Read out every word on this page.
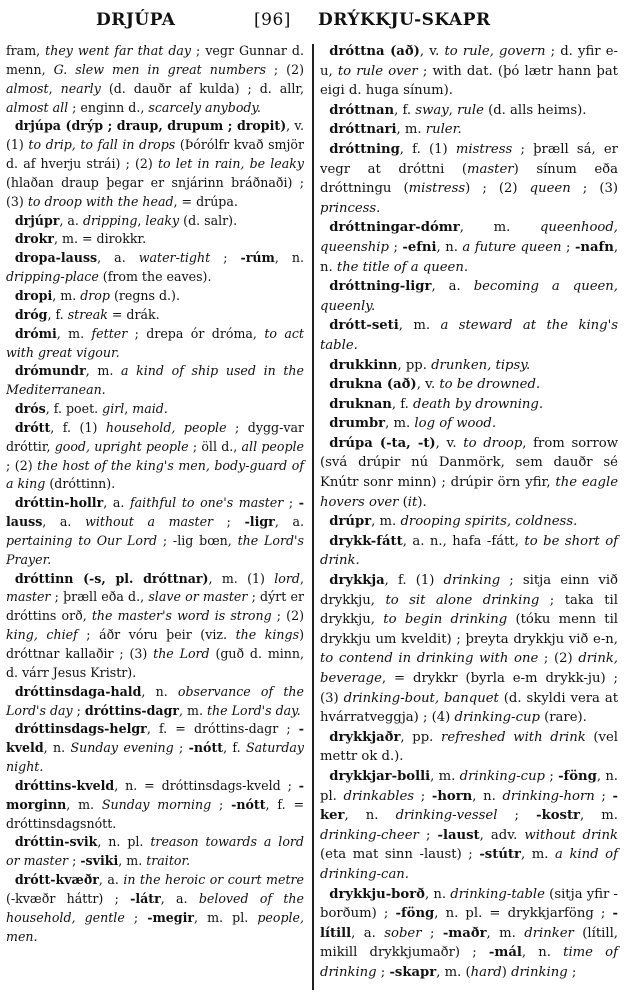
DRJÚPA	[96] DRÝKKJU-SKAPR

fram, they went far that day ; vegr Gunnar d. menn, G. slew men in great numbers ; (2) almost, nearly (d. dauðr af kulda) ; d. allr, almost all ; enginn d., scarcely anybody.

drjúpa (drýp ; draup, drupum ; dropit), v. (1) to drip, to fall in drops (Þórólfr kvað smjör d. af hverju strái) ; (2) to let in rain, be leaky (hlaðan draup þegar er snjárinn bráðnaði) ; (3) to droop with the head, = drúpa.

drjúpr, a. dripping, leaky (d. salr).

drokr, m. = dirokkr.

dropa-lauss, a. water-tight ; -rúm, n. dripping-place (from the eaves).

dropi, m. drop (regns d.).

dróg, f. streak = drák.

drómi, m. fetter ; drepa ór dróma, to act with great vigour.

drómundr, m. a kind of ship used in the Mediterranean.

drós, f. poet. girl, maid.

drótt, f. (1) household, people ; dygg-var dróttir, good, upright people ; öll d., all people ; (2) the host of the king's men, body-guard of a king (dróttinn).

dróttin-hollr, a. faithful to one's master ; -lauss, a. without a master ; -ligr, a. pertaining to Our Lord ; -lig bœn, the Lord's Prayer.

dróttinn (-s, pl. dróttnar), m. (1) lord, master ; þræll eða d., slave or master ; dýrt er dróttins orð, the master's word is strong ; (2) king, chief ; áðr vóru þeir (viz. the kings) dróttnar kallaðir ; (3) the Lord (guð d. minn, d. várr Jesus Kristr).

dróttinsdaga-hald, n. observance of the Lord's day ; dróttins-dagr, m. the Lord's day.

dróttinsdags-helgr, f. = dróttins-dagr ; -kveld, n. Sunday evening ; -nótt, f. Saturday night.

dróttins-kveld, n. = dróttinsdags-kveld ; -morginn, m. Sunday morning ; -nótt, f. = dróttinsdagsnótt.

dróttin-svik, n. pl. treason towards a lord or master ; -sviki, m. traitor.

drótt-kvæðr, a. in the heroic or court metre (-kvæðr háttr) ; -látr, a. beloved of the household, gentle ; -megir, m. pl. people, men.

dróttna (að), v. to rule, govern ; d. yfir e-u, to rule over ; with dat. (þó lætr hann þat eigi d. huga sínum).

dróttnan, f. sway, rule (d. alls heims).

dróttnari, m. ruler.

dróttning, f. (1) mistress ; þræll sá, er vegr at dróttni (master) sínum eða dróttningu (mistress) ; (2) queen ; (3) princess.

dróttningar-dómr, m. queenhood, queenship ; -efni, n. a future queen ; -nafn, n. the title of a queen.

dróttning-ligr, a. becoming a queen, queenly.

drótt-seti, m. a steward at the king's table.

drukkinn, pp. drunken, tipsy.

drukna (að), v. to be drowned.

druknan, f. death by drowning.

drumbr, m. log of wood.

drúpa (-ta, -t), v. to droop, from sorrow (svá drúpir nú Danmörk, sem dauðr sé Knútr sonr minn) ; drúpir örn yfir, the eagle hovers over (it).

drúpr, m. drooping spirits, coldness.

drykk-fátt, a. n., hafa -fátt, to be short of drink.

drykkja, f. (1) drinking ; sitja einn við drykkju, to sit alone drinking ; taka til drykkju, to begin drinking (tóku menn til drykkju um kveldit) ; þreyta drykkju við e-n, to contend in drinking with one ; (2) drink, beverage, = drykkr (byrla e-m drykk-ju) ; (3) drinking-bout, banquet (d. skyldi vera at hvárratveggja) ; (4) drinking-cup (rare).

drykkjaðr, pp. refreshed with drink (vel mettr ok d.).

drykkjar-bolli, m. drinking-cup ; -föng, n. pl. drinkables ; -horn, n. drinking-horn ; -ker, n. drinking-vessel ; -kostr, m. drinking-cheer ; -laust, adv. without drink (eta mat sinn -laust) ; -stútr, m. a kind of drinking-can.

drykkju-borð, n. drinking-table (sitja yfir -borðum) ; -föng, n. pl. = drykkjarföng ; -lítill, a. sober ; -maðr, m. drinker (lítill, mikill drykkjumaðr) ; -mál, n. time of drinking ; -skapr, m. (hard) drinking ;
